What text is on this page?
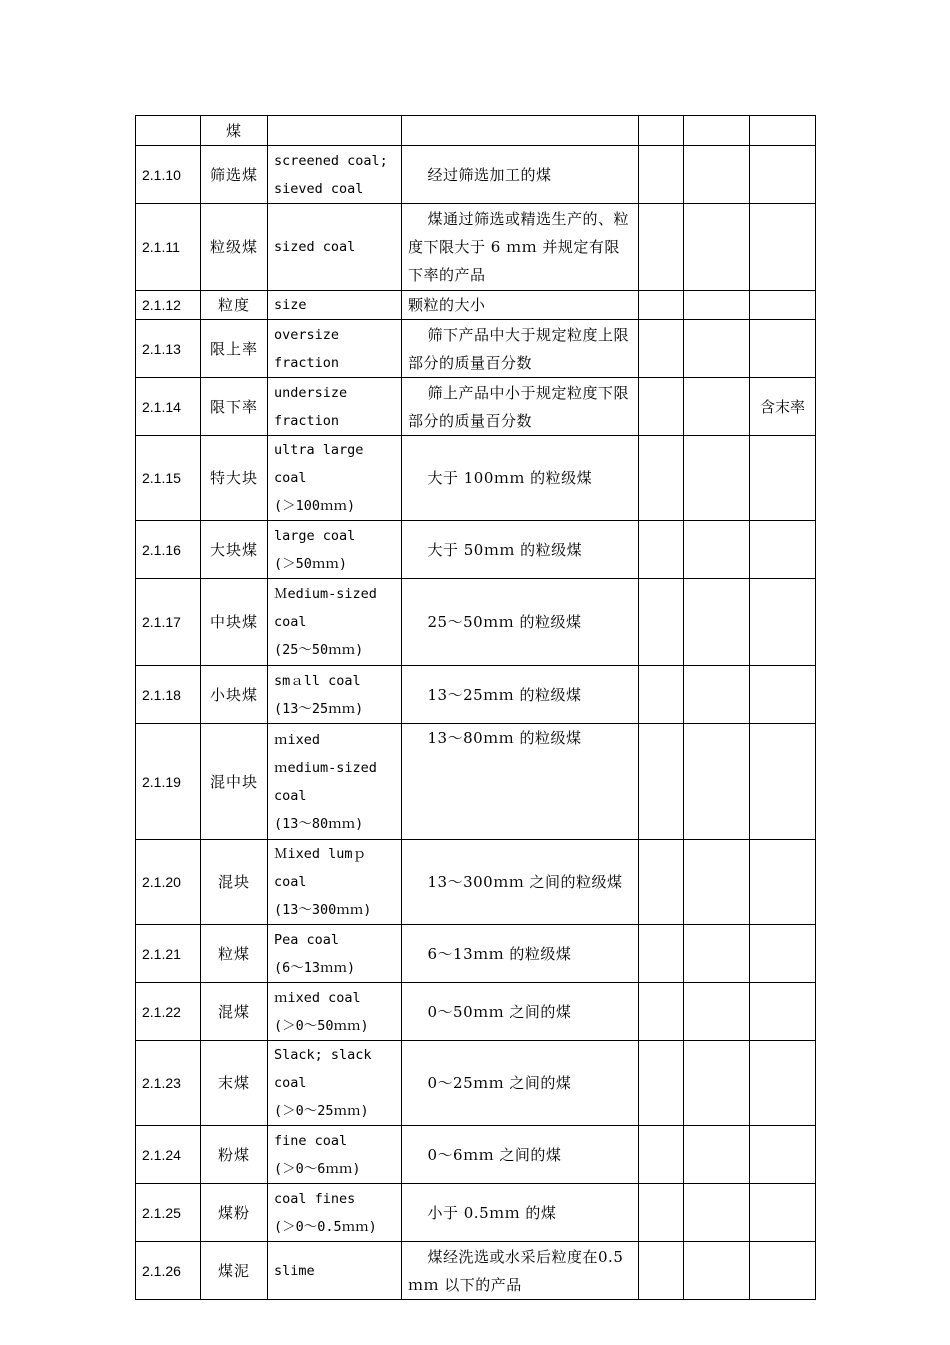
	煤					
2.1.10	筛选煤	screened coal;
sieved coal	经过筛选加工的煤			

2.1.11	粒级煤	sized coal	煤通过筛选或精选生产的、粒度下限大于 6 ｍｍ 并规定有限下率的产品			

2.1.12	粒度	size	颗粒的大小			
2.1.13	限上率	oversize
fraction	筛下产品中大于规定粒度上限部分的质量百分数			

2.1.14	限下率	undersize
fraction	筛上产品中小于规定粒度下限部分的质量百分数			含末率
2.1.15	特大块	ultra large coal
(＞100ｍｍ)	大于 100ｍｍ 的粒级煤			

2.1.16	大块煤	large coal
(＞50ｍｍ)	大于 50ｍｍ 的粒级煤			

2.1.17	中块煤	Ｍedium-sized
coal
(25～50ｍｍ)	25～50ｍｍ 的粒级煤			

2.1.18	小块煤	smａll coal
(13～25ｍｍ)	13～25ｍｍ 的粒级煤			

2.1.19	混中块	ｍixed
ｍedium-sized
coal
(13～80ｍｍ)	13～80ｍｍ 的粒级煤			

2.1.20	混块	Ｍixed lumｐ coal
(13～300ｍｍ)	13～300ｍｍ 之间的粒级煤			

2.1.21	粒煤	Pea coal
(6～13ｍｍ)	6～13ｍｍ 的粒级煤			

2.1.22	混煤	ｍixed coal
(＞0～50ｍｍ)	0～50ｍｍ 之间的煤			

2.1.23	末煤	Slack; slack coal
(＞0～25ｍｍ)	0～25ｍｍ 之间的煤			

2.1.24	粉煤	fine coal
(＞0～6ｍｍ)	0～6ｍｍ 之间的煤			

2.1.25	煤粉	coal fines
(＞0～0.5ｍｍ)	小于 0.5ｍｍ 的煤			

2.1.26	煤泥	slime	煤经洗选或水采后粒度在0.5ｍｍ 以下的产品			
